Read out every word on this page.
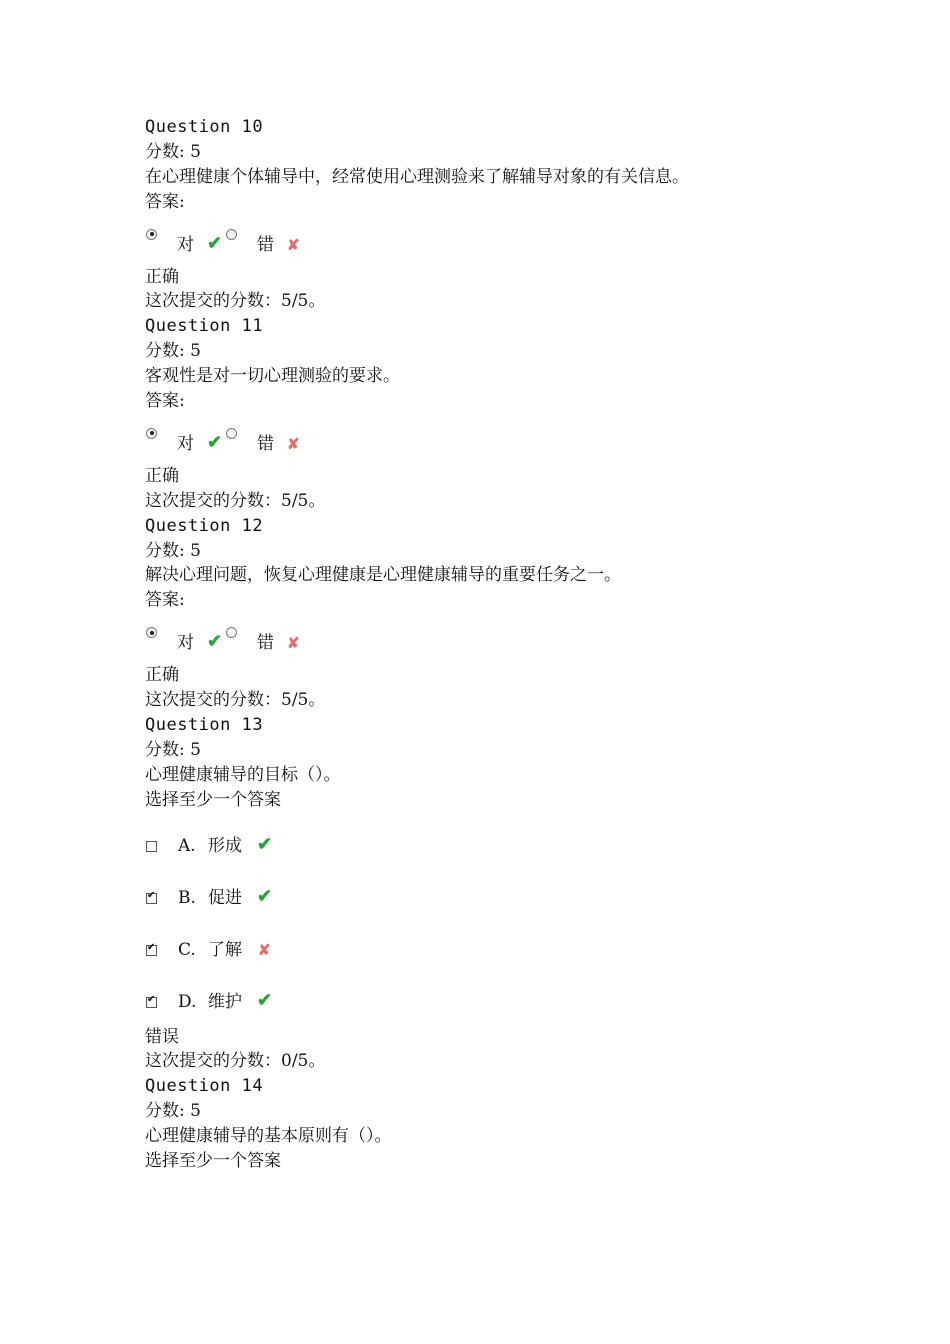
Question 10
分数: 5
在心理健康个体辅导中，经常使用心理测验来了解辅导对象的有关信息。
答案:
对 ✔ 错 ✘
正确
这次提交的分数：5/5。
Question 11
分数: 5
客观性是对一切心理测验的要求。
答案:
对 ✔ 错 ✘
正确
这次提交的分数：5/5。
Question 12
分数: 5
解决心理问题，恢复心理健康是心理健康辅导的重要任务之一。
答案:
对 ✔ 错 ✘
正确
这次提交的分数：5/5。
Question 13
分数: 5
心理健康辅导的目标（）。
选择至少一个答案
A. 形成 ✔
✔
B. 促进 ✔
✔
C. 了解 ✘
✔
D. 维护 ✔
错误
这次提交的分数：0/5。
Question 14
分数: 5
心理健康辅导的基本原则有（）。
选择至少一个答案
